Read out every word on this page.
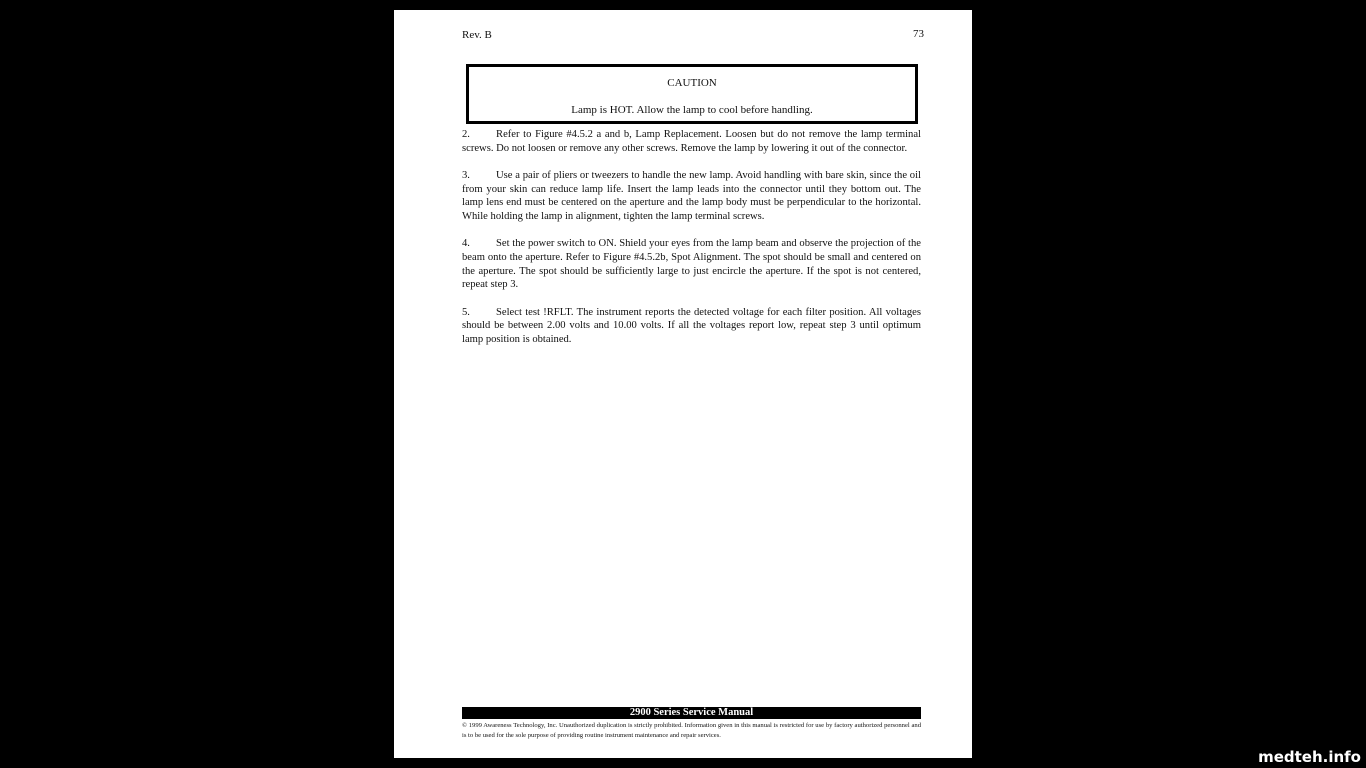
Rev. B	73
CAUTION
Lamp is HOT. Allow the lamp to cool before handling.

2. Refer to Figure #4.5.2 a and b, Lamp Replacement. Loosen but do not remove the lamp terminal screws. Do not loosen or remove any other screws. Remove the lamp by lowering it out of the connector.

3. Use a pair of pliers or tweezers to handle the new lamp. Avoid handling with bare skin, since the oil from your skin can reduce lamp life. Insert the lamp leads into the connector until they bottom out. The lamp lens end must be centered on the aperture and the lamp body must be perpendicular to the horizontal. While holding the lamp in alignment, tighten the lamp terminal screws.

4. Set the power switch to ON. Shield your eyes from the lamp beam and observe the projection of the beam onto the aperture. Refer to Figure #4.5.2b, Spot Alignment. The spot should be small and centered on the aperture. The spot should be sufficiently large to just encircle the aperture. If the spot is not centered, repeat step 3.

5. Select test !RFLT. The instrument reports the detected voltage for each filter position. All voltages should be between 2.00 volts and 10.00 volts. If all the voltages report low, repeat step 3 until optimum lamp position is obtained.

2900 Series Service Manual
© 1999 Awareness Technology, Inc. Unauthorized duplication is strictly prohibited. Information given in this manual is restricted for use by factory authorized personnel and is to be used for the sole purpose of providing routine instrument maintenance and repair services.
medteh.info
